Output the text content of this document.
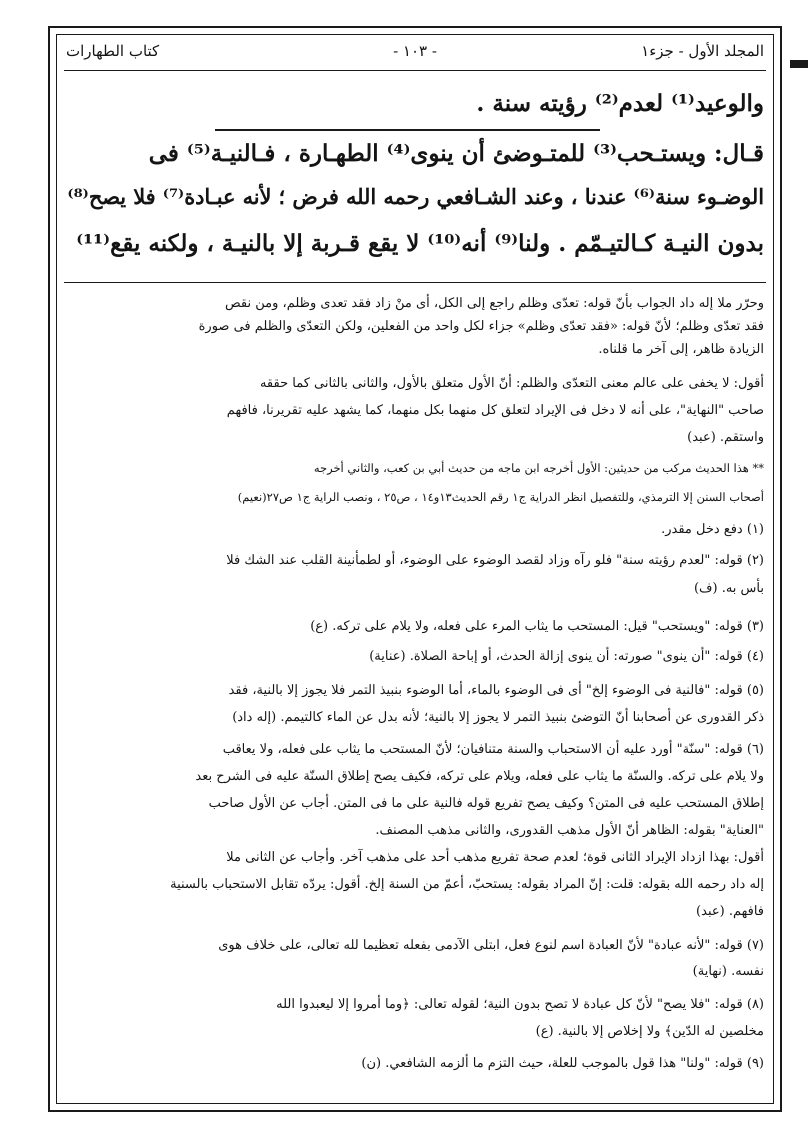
المجلد الأول - جزء١
- ١٠٣ -
كتاب الطهارات
والوعيد⁽¹⁾ لعدم⁽²⁾ رؤيته سنة .
قـال: ويستـحب⁽³⁾ للمتـوضئ أن ينوى⁽⁴⁾ الطهـارة ، فـالنيـة⁽⁵⁾ فى
الوضـوء سنة⁽⁶⁾ عندنا ، وعند الشـافعي رحمه الله فرض ؛ لأنه عبـادة⁽⁷⁾ فلا يصح⁽⁸⁾
بدون النيـة كـالتيـمّم . ولنا⁽⁹⁾ أنه⁽¹⁰⁾ لا يقع قـربة إلا بالنيـة ، ولكنه يقع⁽¹¹⁾
وحرّر ملا إله داد الجواب بأنّ قوله: تعدّى وظلم راجع إلى الكل، أى منْ زاد فقد تعدى وظلم، ومن نقص
فقد تعدّى وظلم؛ لأنّ قوله: «فقد تعدّى وظلم» جزاء لكل واحد من الفعلين، ولكن التعدّى والظلم فى صورة
الزيادة ظاهر، إلى آخر ما قلناه.
أقول: لا يخفى على عالم معنى التعدّى والظلم: أنّ الأول متعلق بالأول، والثانى بالثانى كما حققه
صاحب "النهاية"، على أنه لا دخل فى الإيراد لتعلق كل منهما بكل منهما، كما يشهد عليه تقريرنا، فافهم
واستقم. (عبد)
** هذا الحديث مركب من حديثين: الأول أخرجه ابن ماجه من حديث أبي بن كعب، والثاني أخرجه
أصحاب السنن إلا الترمذي، وللتفصيل انظر الدراية ج١ رقم الحديث١٣و١٤ ، ص٢٥ ، ونصب الراية ج١ ص٢٧(نعيم)
(١) دفع دخل مقدر.
(٢) قوله: "لعدم رؤيته سنة" فلو رآه وزاد لقصد الوضوء على الوضوء، أو لطمأنينة القلب عند الشك فلا
بأس به. (ف)
(٣) قوله: "ويستحب" قيل: المستحب ما يثاب المرء على فعله، ولا يلام على تركه. (ع)
(٤) قوله: "أن ينوى" صورته: أن ينوى إزالة الحدث، أو إباحة الصلاة. (عناية)
(٥) قوله: "فالنية فى الوضوء إلخ" أى فى الوضوء بالماء، أما الوضوء بنبيذ التمر فلا يجوز إلا بالنية، فقد
ذكر القدورى عن أصحابنا أنّ التوضئ بنبيذ التمر لا يجوز إلا بالنية؛ لأنه بدل عن الماء كالتيمم. (إله داد)
(٦) قوله: "سنّة" أورد عليه أن الاستحباب والسنة متنافيان؛ لأنّ المستحب ما يثاب على فعله، ولا يعاقب
ولا يلام على تركه. والسنّة ما يثاب على فعله، ويلام على تركه، فكيف يصح إطلاق السنّة عليه فى الشرح بعد
إطلاق المستحب عليه فى المتن؟ وكيف يصح تفريع قوله فالنية على ما فى المتن. أجاب عن الأول صاحب
"العناية" بقوله: الظاهر أنّ الأول مذهب القدورى، والثانى مذهب المصنف.
أقول: بهذا ازداد الإيراد الثانى قوة؛ لعدم صحة تفريع مذهب أحد على مذهب آخر. وأجاب عن الثانى ملا
إله داد رحمه الله بقوله: قلت: إنّ المراد بقوله: يستحبّ، أعمّ من السنة إلخ. أقول: يردّه تقابل الاستحباب بالسنية
فافهم. (عبد)
(٧) قوله: "لأنه عبادة" لأنّ العبادة اسم لنوع فعل، ابتلى الآدمى بفعله تعظيما لله تعالى، على خلاف هوى
نفسه. (نهاية)
(٨) قوله: "فلا يصح" لأنّ كل عبادة لا تصح بدون النية؛ لقوله تعالى: ﴿وما أمروا إلا ليعبدوا الله
مخلصين له الدّين﴾ ولا إخلاص إلا بالنية. (ع)
(٩) قوله: "ولنا" هذا قول بالموجب للعلة، حيث التزم ما ألزمه الشافعي. (ن)
